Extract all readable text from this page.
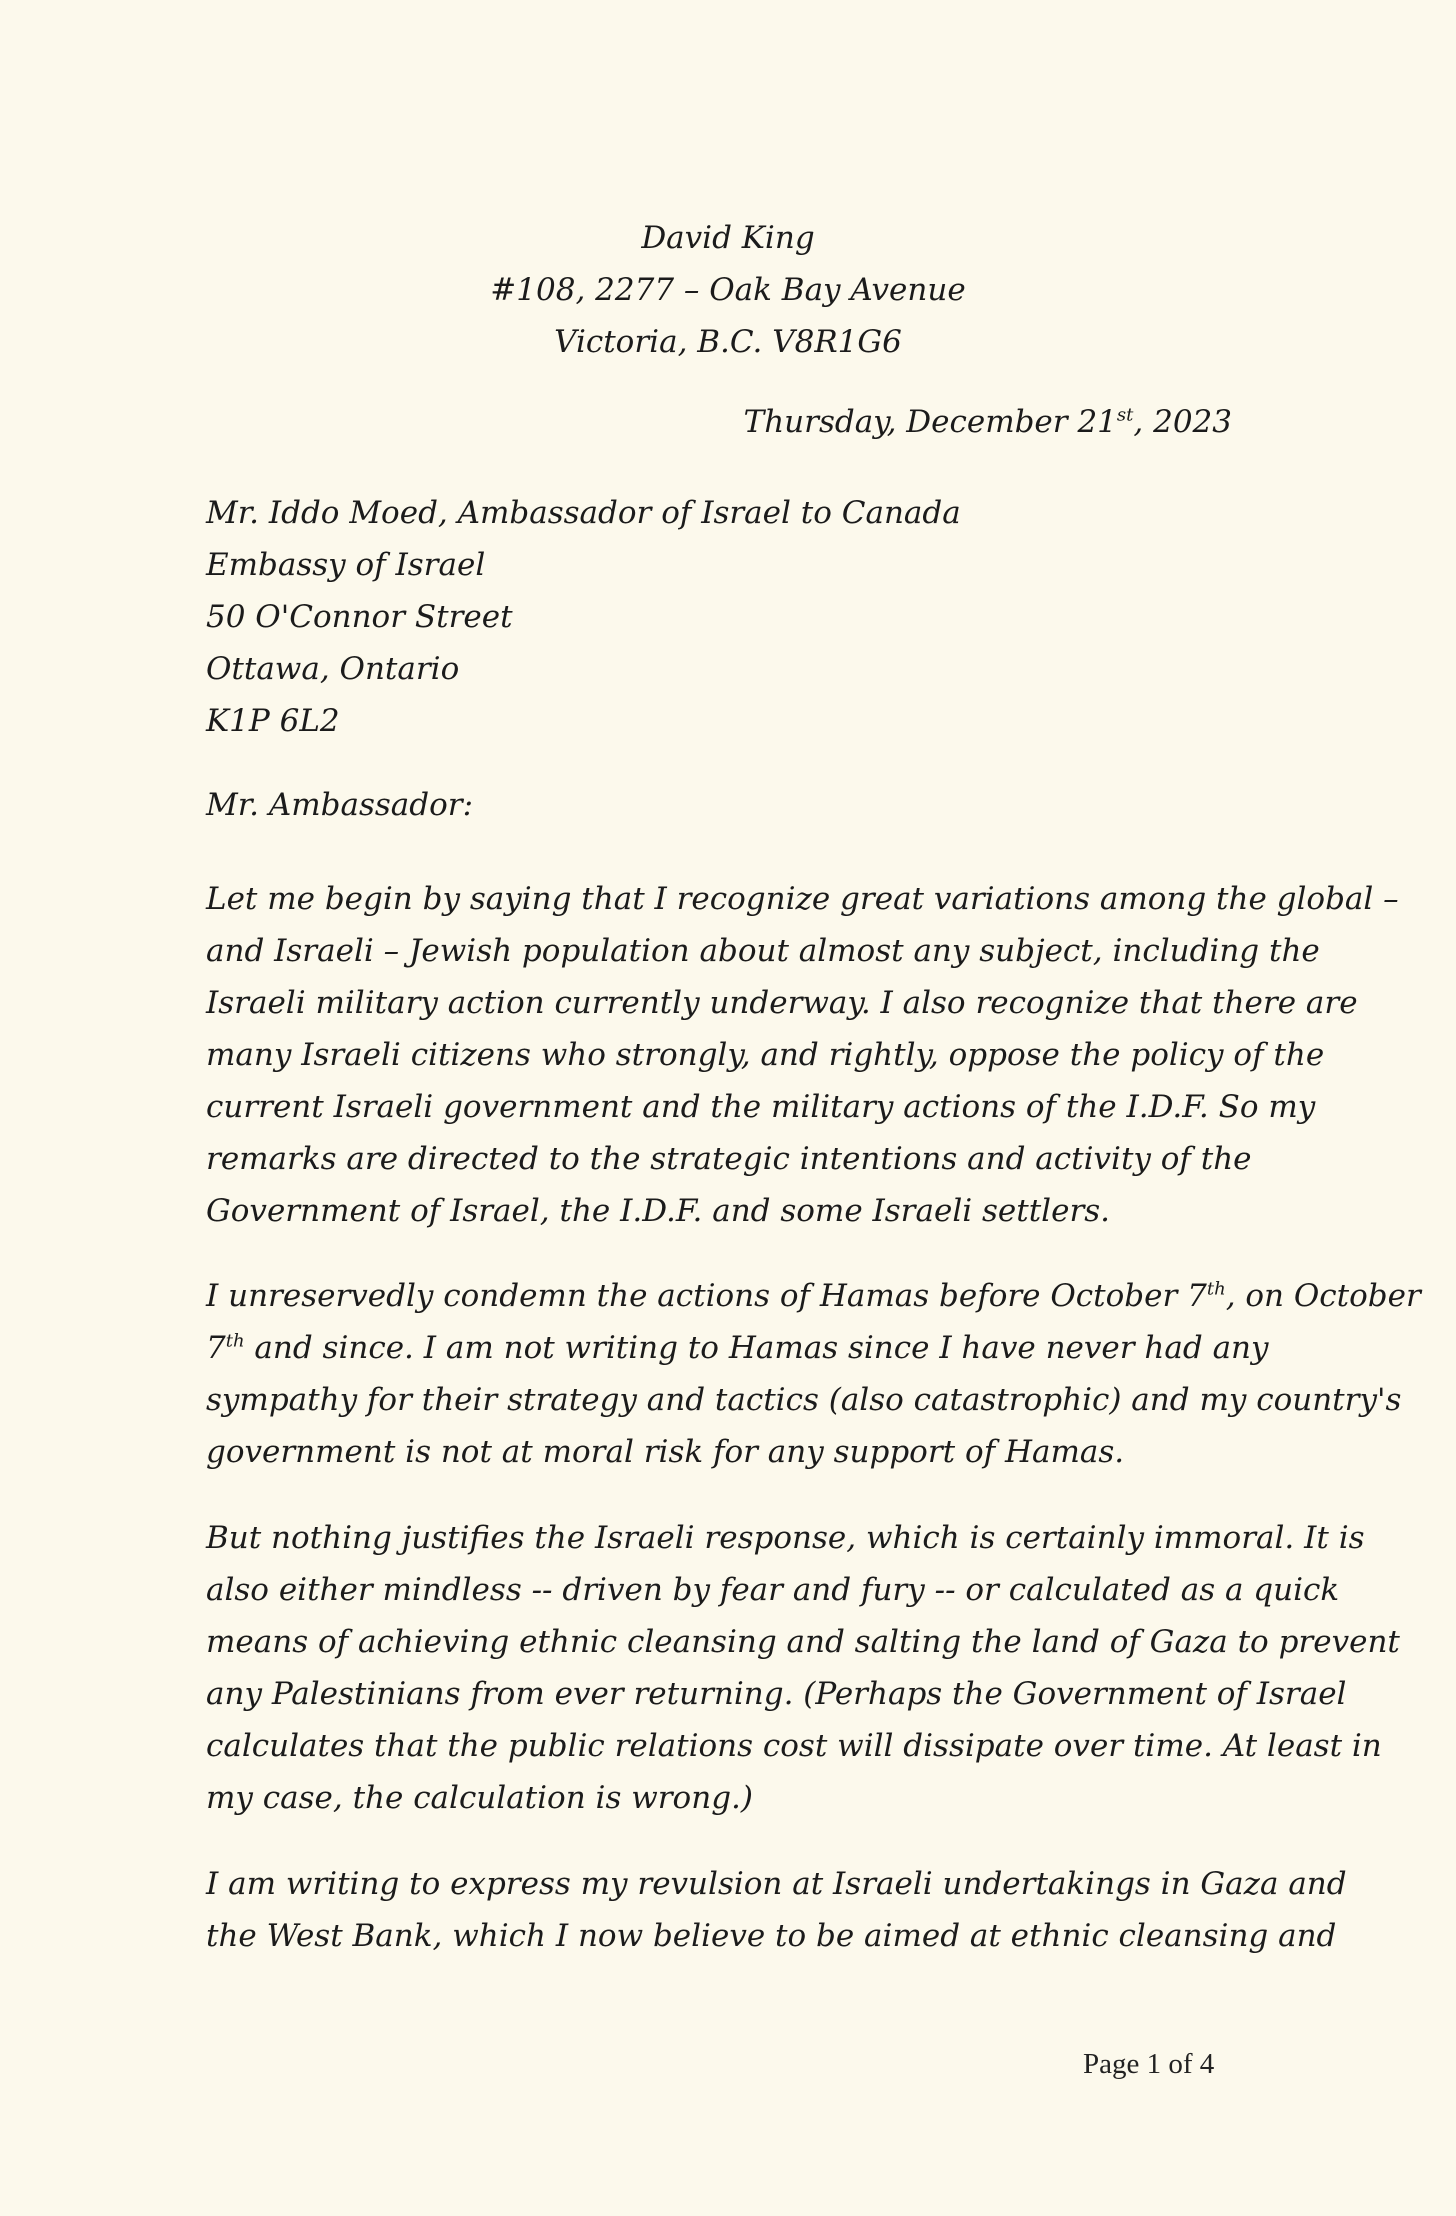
David King
#108, 2277 – Oak Bay Avenue
Victoria, B.C. V8R1G6
Thursday, December 21st, 2023
Mr. Iddo Moed, Ambassador of Israel to Canada
Embassy of Israel
50 O'Connor Street
Ottawa, Ontario
K1P 6L2
Mr. Ambassador:
Let me begin by saying that I recognize great variations among the global –
and Israeli – Jewish population about almost any subject, including the
Israeli military action currently underway. I also recognize that there are
many Israeli citizens who strongly, and rightly, oppose the policy of the
current Israeli government and the military actions of the I.D.F. So my
remarks are directed to the strategic intentions and activity of the
Government of Israel, the I.D.F. and some Israeli settlers.
I unreservedly condemn the actions of Hamas before October 7th, on October
7th and since. I am not writing to Hamas since I have never had any
sympathy for their strategy and tactics (also catastrophic) and my country's
government is not at moral risk for any support of Hamas.
But nothing justifies the Israeli response, which is certainly immoral. It is
also either mindless -- driven by fear and fury -- or calculated as a quick
means of achieving ethnic cleansing and salting the land of Gaza to prevent
any Palestinians from ever returning. (Perhaps the Government of Israel
calculates that the public relations cost will dissipate over time. At least in
my case, the calculation is wrong.)
I am writing to express my revulsion at Israeli undertakings in Gaza and
the West Bank, which I now believe to be aimed at ethnic cleansing and
Page 1 of 4
